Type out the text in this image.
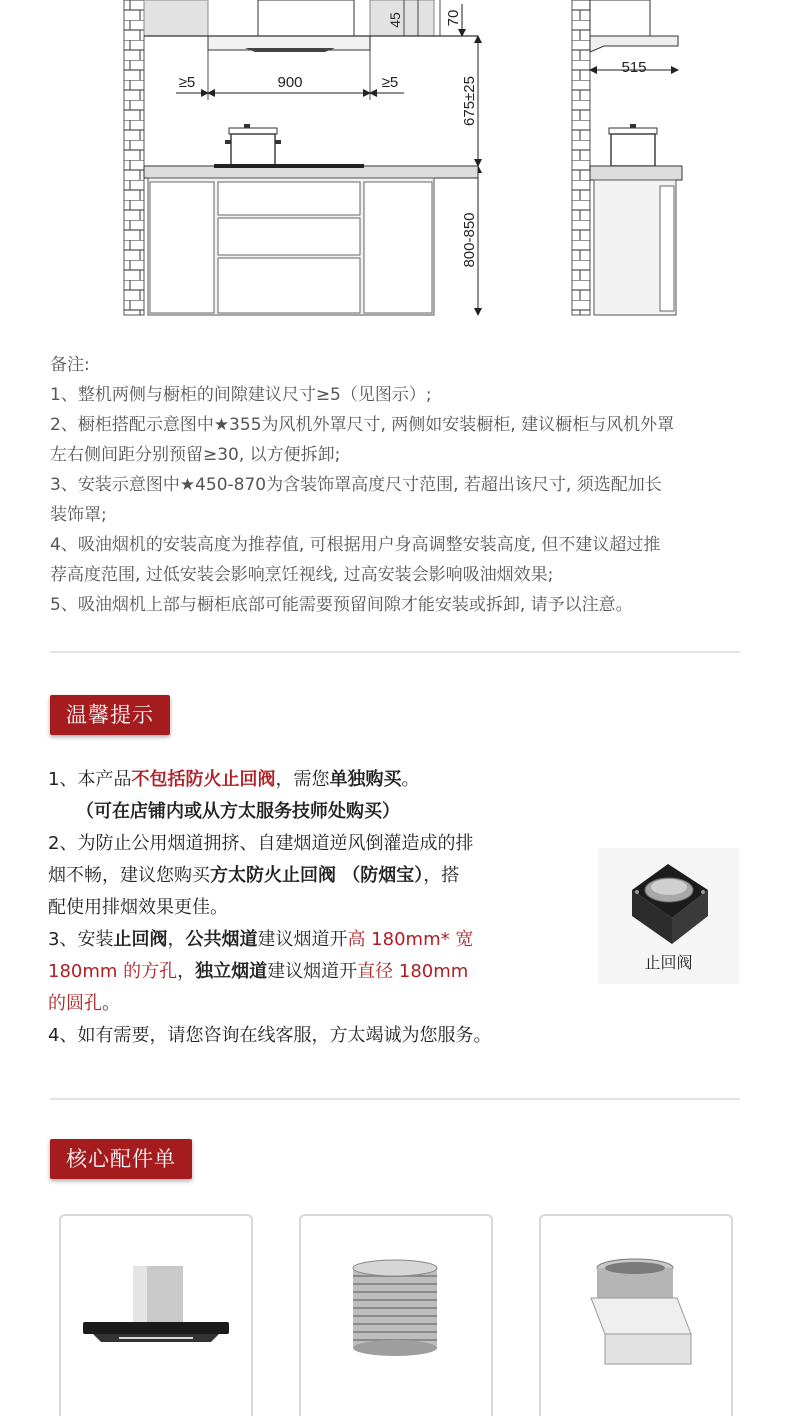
≥5	900	≥5
45	70
675±25
800-850
515

备注:

1、整机两侧与橱柜的间隙建议尺寸≥5（见图示）;

2、橱柜搭配示意图中★355为风机外罩尺寸, 两侧如安装橱柜, 建议橱柜与风机外罩

左右侧间距分别预留≥30, 以方便拆卸;

3、安装示意图中★450-870为含装饰罩高度尺寸范围, 若超出该尺寸, 须选配加长

装饰罩;

4、吸油烟机的安装高度为推荐值, 可根据用户身高调整安装高度, 但不建议超过推

荐高度范围, 过低安装会影响烹饪视线, 过高安装会影响吸油烟效果;

5、吸油烟机上部与橱柜底部可能需要预留间隙才能安装或拆卸, 请予以注意。

温馨提示

1、本产品不包括防火止回阀，需您单独购买。

（可在店铺内或从方太服务技师处购买）

2、为防止公用烟道拥挤、自建烟道逆风倒灌造成的排

烟不畅，建议您购买方太防火止回阀 （防烟宝），搭

配使用排烟效果更佳。

3、安装止回阀，公共烟道建议烟道开高 180mm* 宽

180mm 的方孔，独立烟道建议烟道开直径 180mm

的圆孔。

4、如有需要，请您咨询在线客服，方太竭诚为您服务。

止回阀
核心配件单
